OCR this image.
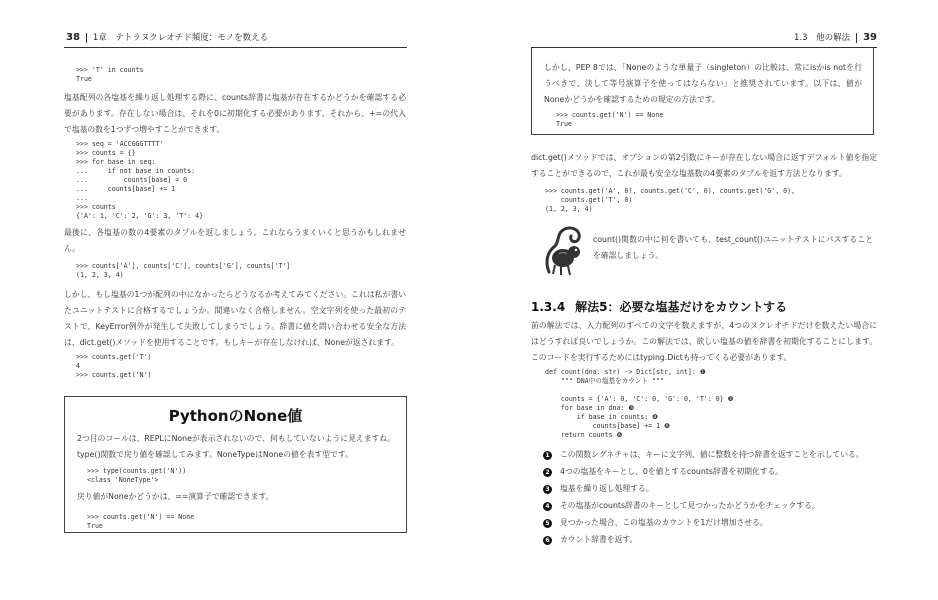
38 1章　テトラヌクレオチド頻度：モノを数える
>>> 'T' in counts
True

塩基配列の各塩基を繰り返し処理する際に、counts辞書に塩基が存在するかどうかを確認する必要があります。存在しない場合は、それを0に初期化する必要があります。それから、+=の代入で塩基の数を1つずつ増やすことができます。

>>> seq = 'ACCGGGTTTT'
>>> counts = {}
>>> for base in seq:
...     if not base in counts:
...         counts[base] = 0
...     counts[base] += 1
...
>>> counts
{'A': 1, 'C': 2, 'G': 3, 'T': 4}

最後に、各塩基の数の4要素のタプルを返しましょう。これならうまくいくと思うかもしれません。

>>> counts['A'], counts['C'], counts['G'], counts['T']
(1, 2, 3, 4)

しかし、もし塩基の1つが配列の中になかったらどうなるか考えてみてください。これは私が書いたユニットテストに合格するでしょうか。間違いなく合格しません。空文字列を使った最初のテストで、KeyError例外が発生して失敗してしまうでしょう。辞書に値を問い合わせる安全な方法は、dict.get()メソッドを使用することです。もしキーが存在しなければ、Noneが返されます。

>>> counts.get('T')
4
>>> counts.get('N')
PythonのNone値

2つ目のコールは、REPLにNoneが表示されないので、何もしていないように見えますね。type()関数で戻り値を確認してみます。NoneTypeはNoneの値を表す型です。

>>> type(counts.get('N'))
<class 'NoneType'>

戻り値がNoneかどうかは、==演算子で確認できます。

>>> counts.get('N') == None
True
1.3　他の解法 39

しかし、PEP 8では、「Noneのような単量子（singleton）の比較は、常にisかis notを行うべきで、決して等号演算子を使ってはならない」と推奨されています。以下は、値がNoneかどうかを確認するための規定の方法です。

>>> counts.get('N') == None
True

dict.get()メソッドでは、オプションの第2引数にキーが存在しない場合に返すデフォルト値を指定することができるので、これが最も安全な塩基数の4要素のタプルを返す方法となります。

>>> counts.get('A', 0), counts.get('C', 0), counts.get('G', 0),
counts.get('T', 0)
(1, 2, 3, 4)

count()関数の中に何を書いても、test_count()ユニットテストにパスすることを確認しましょう。

1.3.4 解法5：必要な塩基だけをカウントする

前の解法では、入力配列のすべての文字を数えますが、4つのヌクレオチドだけを数えたい場合にはどうすれば良いでしょうか。この解法では、欲しい塩基の値を辞書を初期化することにします。このコードを実行するためにはtyping.Dictも持ってくる必要があります。

def count(dna: str) -> Dict[str, int]: ❶
""" DNA中の塩基をカウント """

counts = {'A': 0, 'C': 0, 'G': 0, 'T': 0} ❷
for base in dna: ❸
if base in counts: ❹
counts[base] += 1 ❺
return counts ❻
1 この関数シグネチャは、キーに文字列、値に整数を持つ辞書を返すことを示している。
2 4つの塩基をキーとし、0を値とするcounts辞書を初期化する。
3 塩基を繰り返し処理する。
4 その塩基がcounts辞書のキーとして見つかったかどうかをチェックする。
5 見つかった場合、この塩基のカウントを1だけ増加させる。
6 カウント辞書を返す。
